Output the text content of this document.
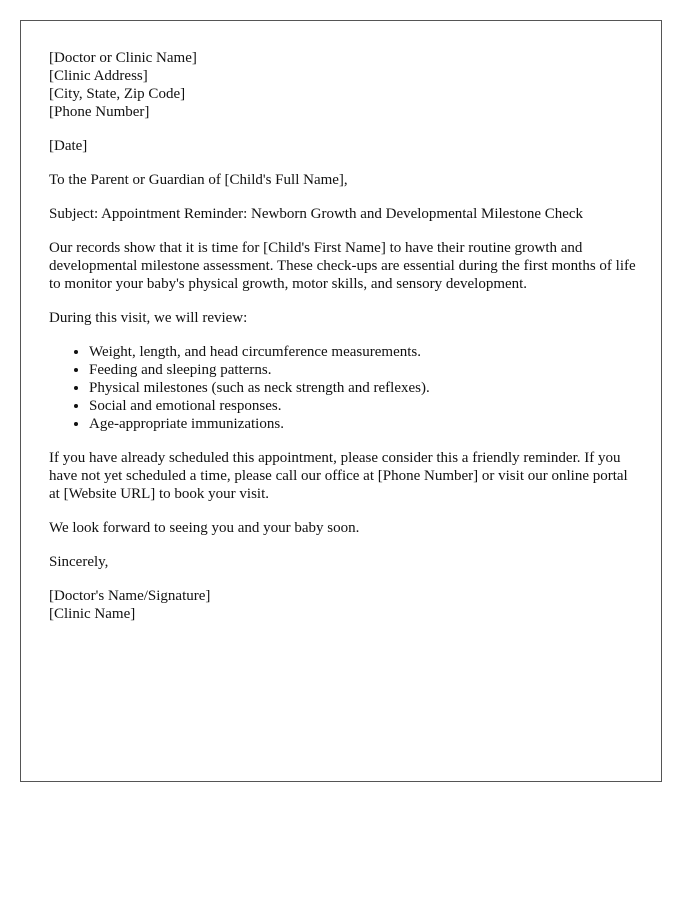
[Doctor or Clinic Name]
[Clinic Address]
[City, State, Zip Code]
[Phone Number]

[Date]

To the Parent or Guardian of [Child's Full Name],

Subject: Appointment Reminder: Newborn Growth and Developmental Milestone Check

Our records show that it is time for [Child's First Name] to have their routine growth and developmental milestone assessment. These check-ups are essential during the first months of life to monitor your baby's physical growth, motor skills, and sensory development.

During this visit, we will review:

• Weight, length, and head circumference measurements.
• Feeding and sleeping patterns.
• Physical milestones (such as neck strength and reflexes).
• Social and emotional responses.
• Age-appropriate immunizations.

If you have already scheduled this appointment, please consider this a friendly reminder. If you have not yet scheduled a time, please call our office at [Phone Number] or visit our online portal at [Website URL] to book your visit.

We look forward to seeing you and your baby soon.

Sincerely,

[Doctor's Name/Signature]
[Clinic Name]
